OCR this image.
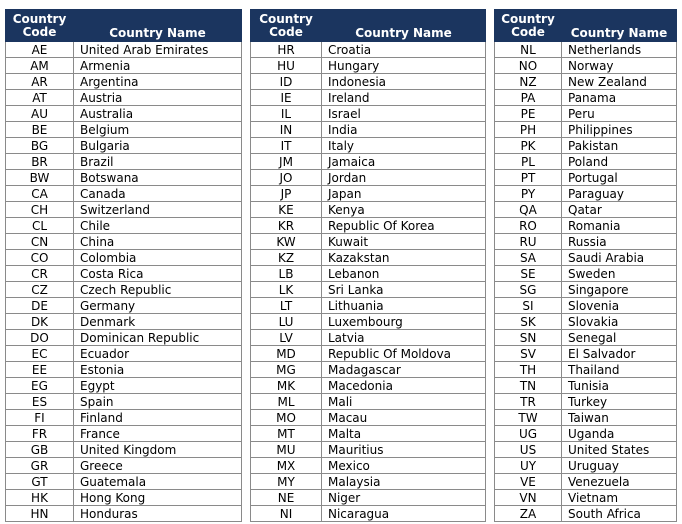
Country Code	Country Name
AE	United Arab Emirates
AM	Armenia
AR	Argentina
AT	Austria
AU	Australia
BE	Belgium
BG	Bulgaria
BR	Brazil
BW	Botswana
CA	Canada
CH	Switzerland
CL	Chile
CN	China
CO	Colombia
CR	Costa Rica
CZ	Czech Republic
DE	Germany
DK	Denmark
DO	Dominican Republic
EC	Ecuador
EE	Estonia
EG	Egypt
ES	Spain
FI	Finland
FR	France
GB	United Kingdom
GR	Greece
GT	Guatemala
HK	Hong Kong
HN	Honduras
Country Code	Country Name
HR	Croatia
HU	Hungary
ID	Indonesia
IE	Ireland
IL	Israel
IN	India
IT	Italy
JM	Jamaica
JO	Jordan
JP	Japan
KE	Kenya
KR	Republic Of Korea
KW	Kuwait
KZ	Kazakstan
LB	Lebanon
LK	Sri Lanka
LT	Lithuania
LU	Luxembourg
LV	Latvia
MD	Republic Of Moldova
MG	Madagascar
MK	Macedonia
ML	Mali
MO	Macau
MT	Malta
MU	Mauritius
MX	Mexico
MY	Malaysia
NE	Niger
NI	Nicaragua
Country Code	Country Name
NL	Netherlands
NO	Norway
NZ	New Zealand
PA	Panama
PE	Peru
PH	Philippines
PK	Pakistan
PL	Poland
PT	Portugal
PY	Paraguay
QA	Qatar
RO	Romania
RU	Russia
SA	Saudi Arabia
SE	Sweden
SG	Singapore
SI	Slovenia
SK	Slovakia
SN	Senegal
SV	El Salvador
TH	Thailand
TN	Tunisia
TR	Turkey
TW	Taiwan
UG	Uganda
US	United States
UY	Uruguay
VE	Venezuela
VN	Vietnam
ZA	South Africa
